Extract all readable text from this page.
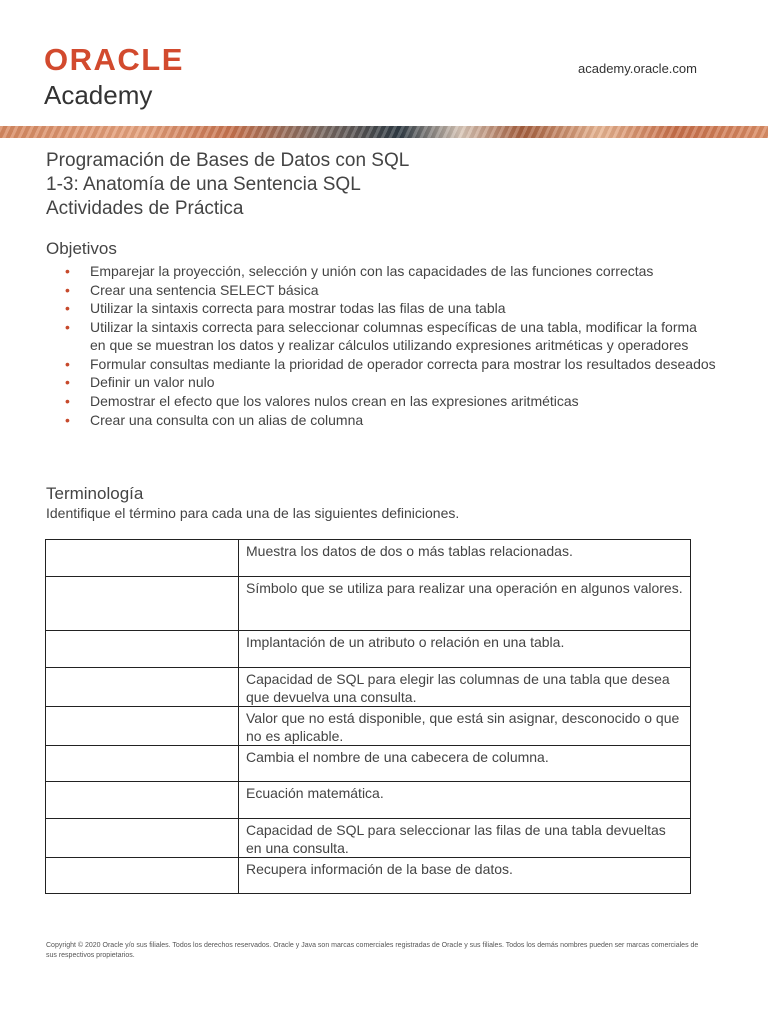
ORACLE
Academy
academy.oracle.com
Programación de Bases de Datos con SQL
1-3: Anatomía de una Sentencia SQL
Actividades de Práctica
Objetivos
• Emparejar la proyección, selección y unión con las capacidades de las funciones correctas
• Crear una sentencia SELECT básica
• Utilizar la sintaxis correcta para mostrar todas las filas de una tabla
• Utilizar la sintaxis correcta para seleccionar columnas específicas de una tabla, modificar la forma en que se muestran los datos y realizar cálculos utilizando expresiones aritméticas y operadores
• Formular consultas mediante la prioridad de operador correcta para mostrar los resultados deseados
• Definir un valor nulo
• Demostrar el efecto que los valores nulos crean en las expresiones aritméticas
• Crear una consulta con un alias de columna
Terminología
Identifique el término para cada una de las siguientes definiciones.
	Muestra los datos de dos o más tablas relacionadas.
	Símbolo que se utiliza para realizar una operación en algunos valores.
	Implantación de un atributo o relación en una tabla.
	Capacidad de SQL para elegir las columnas de una tabla que desea que devuelva una consulta.
	Valor que no está disponible, que está sin asignar, desconocido o que no es aplicable.
	Cambia el nombre de una cabecera de columna.
	Ecuación matemática.
	Capacidad de SQL para seleccionar las filas de una tabla devueltas en una consulta.
	Recupera información de la base de datos.
Copyright © 2020 Oracle y/o sus filiales. Todos los derechos reservados. Oracle y Java son marcas comerciales registradas de Oracle y sus filiales. Todos los demás nombres pueden ser marcas comerciales de sus respectivos propietarios.
